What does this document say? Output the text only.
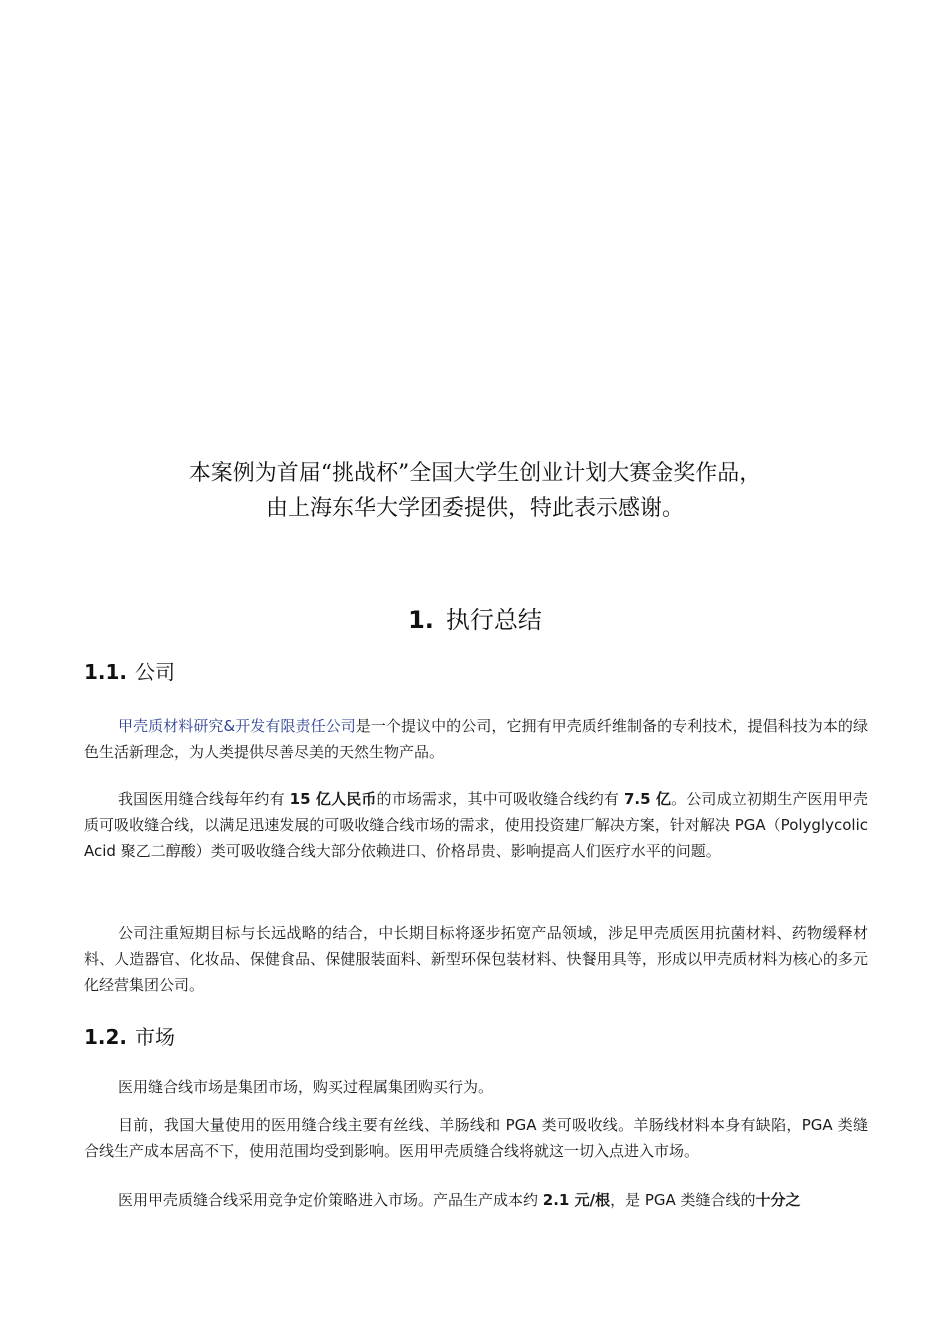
本案例为首届“挑战杯”全国大学生创业计划大赛金奖作品，
由上海东华大学团委提供，特此表示感谢。
1. 执行总结
1.1. 公司
甲壳质材料研究&开发有限责任公司是一个提议中的公司，它拥有甲壳质纤维制备的专利技术，提倡科技为本的绿色生活新理念，为人类提供尽善尽美的天然生物产品。
我国医用缝合线每年约有 15 亿人民币的市场需求，其中可吸收缝合线约有 7.5 亿。公司成立初期生产医用甲壳质可吸收缝合线，以满足迅速发展的可吸收缝合线市场的需求，使用投资建厂解决方案，针对解决 PGA（Polyglycolic Acid 聚乙二醇酸）类可吸收缝合线大部分依赖进口、价格昂贵、影响提高人们医疗水平的问题。
公司注重短期目标与长远战略的结合，中长期目标将逐步拓宽产品领域，涉足甲壳质医用抗菌材料、药物缓释材料、人造器官、化妆品、保健食品、保健服装面料、新型环保包装材料、快餐用具等，形成以甲壳质材料为核心的多元化经营集团公司。
1.2. 市场
医用缝合线市场是集团市场，购买过程属集团购买行为。
目前，我国大量使用的医用缝合线主要有丝线、羊肠线和 PGA 类可吸收线。羊肠线材料本身有缺陷，PGA 类缝合线生产成本居高不下，使用范围均受到影响。医用甲壳质缝合线将就这一切入点进入市场。
医用甲壳质缝合线采用竞争定价策略进入市场。产品生产成本约 2.1 元/根，是 PGA 类缝合线的十分之
